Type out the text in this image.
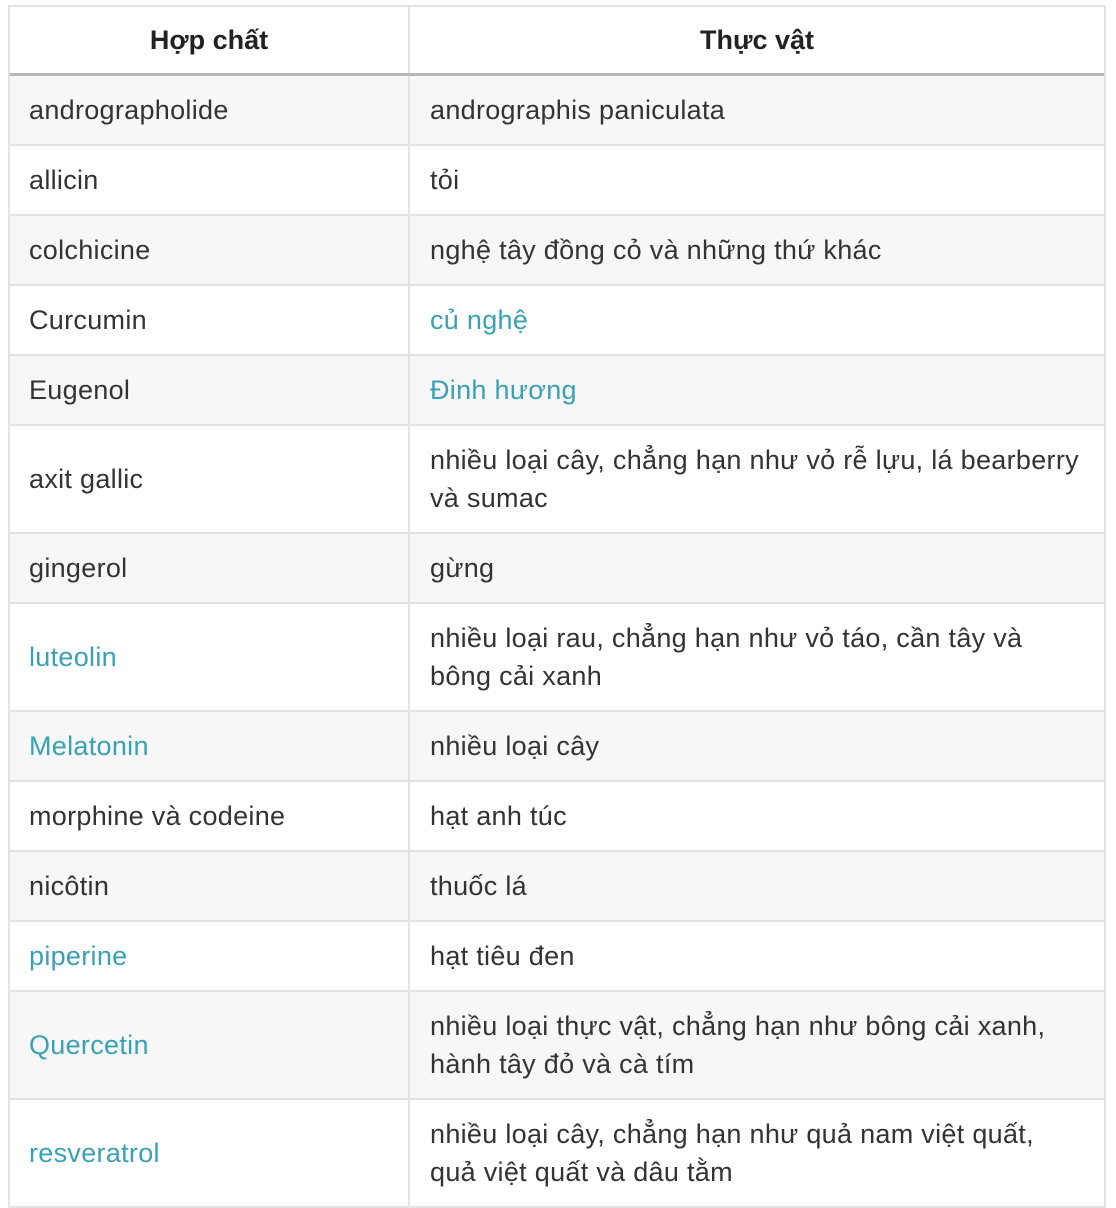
Hợp chất	Thực vật
andrographolide	andrographis paniculata
allicin	tỏi
colchicine	nghệ tây đồng cỏ và những thứ khác
Curcumin	củ nghệ
Eugenol	Đinh hương
axit gallic	nhiều loại cây, chẳng hạn như vỏ rễ lựu, lá bearberry và sumac
gingerol	gừng
luteolin	nhiều loại rau, chẳng hạn như vỏ táo, cần tây và bông cải xanh
Melatonin	nhiều loại cây
morphine và codeine	hạt anh túc
nicôtin	thuốc lá
piperine	hạt tiêu đen
Quercetin	nhiều loại thực vật, chẳng hạn như bông cải xanh, hành tây đỏ và cà tím
resveratrol	nhiều loại cây, chẳng hạn như quả nam việt quất, quả việt quất và dâu tằm
